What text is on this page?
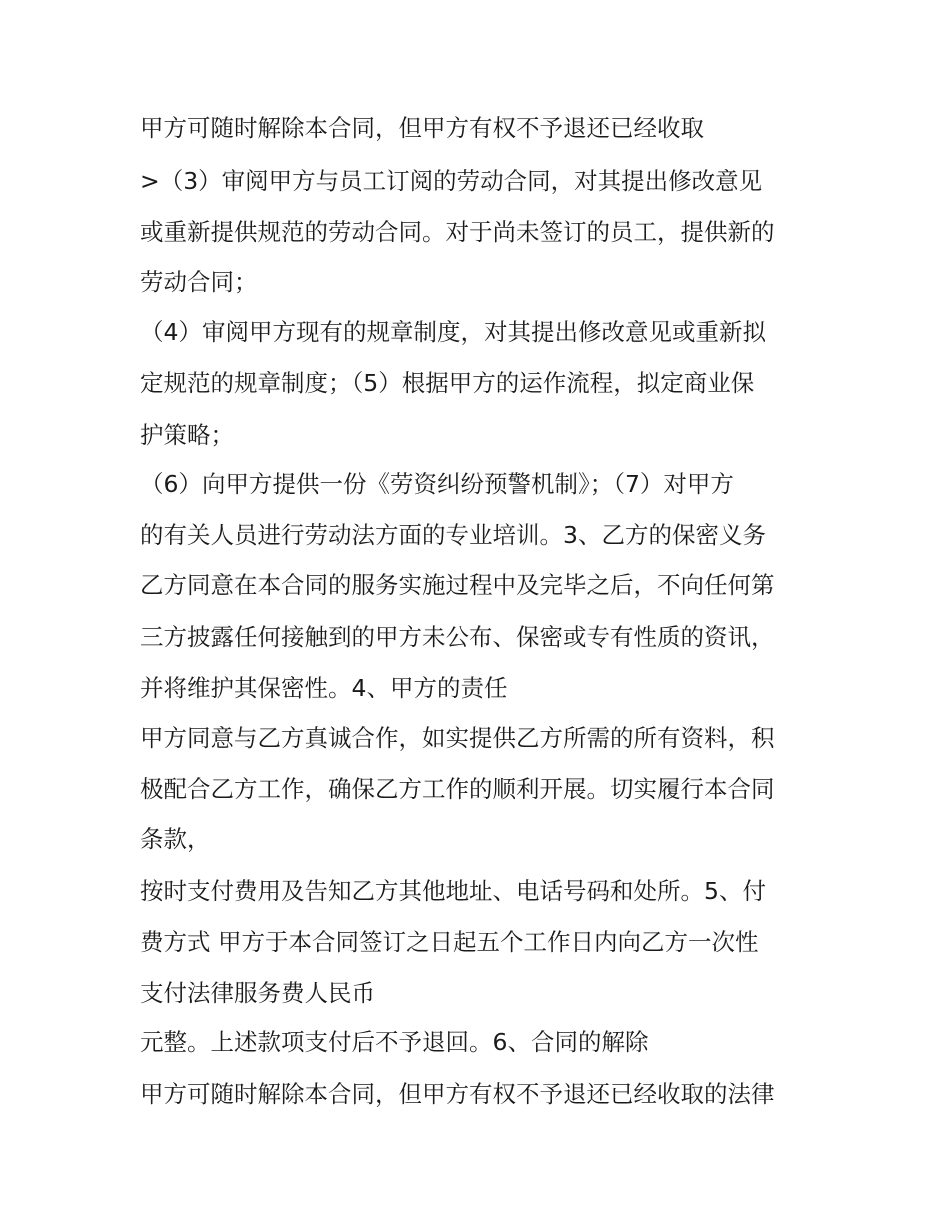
甲方可随时解除本合同，但甲方有权不予退还已经收取
>（3）审阅甲方与员工订阅的劳动合同，对其提出修改意见
或重新提供规范的劳动合同。对于尚未签订的员工，提供新的
劳动合同；
（4）审阅甲方现有的规章制度，对其提出修改意见或重新拟
定规范的规章制度；（5）根据甲方的运作流程，拟定商业保
护策略；
（6）向甲方提供一份《劳资纠纷预警机制》；（7）对甲方
的有关人员进行劳动法方面的专业培训。3、乙方的保密义务
乙方同意在本合同的服务实施过程中及完毕之后，不向任何第
三方披露任何接触到的甲方未公布、保密或专有性质的资讯，
并将维护其保密性。4、甲方的责任
甲方同意与乙方真诚合作，如实提供乙方所需的所有资料，积
极配合乙方工作，确保乙方工作的顺利开展。切实履行本合同
条款，
按时支付费用及告知乙方其他地址、电话号码和处所。5、付
费方式 甲方于本合同签订之日起五个工作日内向乙方一次性
支付法律服务费人民币
元整。上述款项支付后不予退回。6、合同的解除
甲方可随时解除本合同，但甲方有权不予退还已经收取的法律
